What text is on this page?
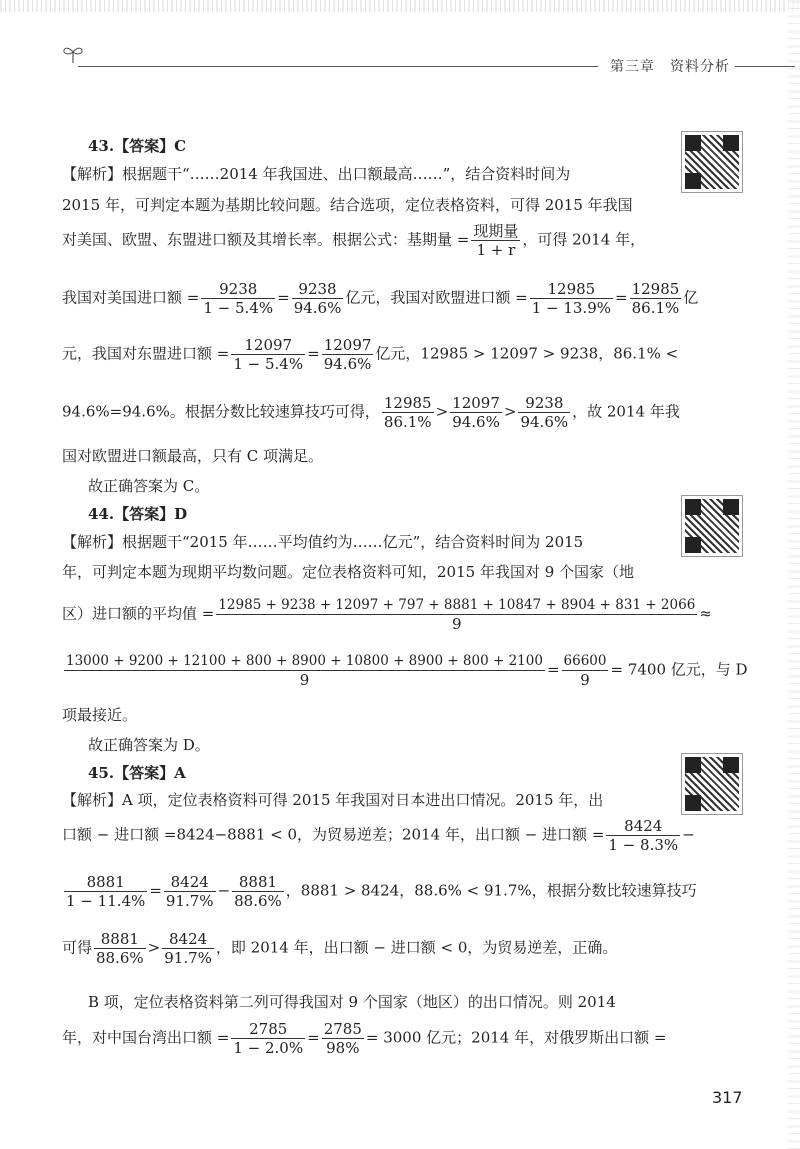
第三章　资料分析
43.【答案】C
【解析】根据题干“……2014 年我国进、出口额最高……”，结合资料时间为
2015 年，可判定本题为基期比较问题。结合选项，定位表格资料，可得 2015 年我国
对美国、欧盟、东盟进口额及其增长率。根据公式：基期量 = $\frac{\text{现期量}}{1 + r}$ ，可得 2014 年，
我国对美国进口额 = $\frac{9238}{1 - 5.4\%} = \frac{9238}{94.6\%}$ 亿元，我国对欧盟进口额 = $\frac{12985}{1 - 13.9\%} = \frac{12985}{86.1\%}$ 亿
元，我国对东盟进口额 = $\frac{12097}{1 - 5.4\%} = \frac{12097}{94.6\%}$ 亿元，12985 > 12097 > 9238，86.1% <
94.6%=94.6%。根据分数比较速算技巧可得， $\frac{12985}{86.1\%} > \frac{12097}{94.6\%} > \frac{9238}{94.6\%}$ ，故 2014 年我
国对欧盟进口额最高，只有 C 项满足。
故正确答案为 C。
44.【答案】D
【解析】根据题干“2015 年……平均值约为……亿元”，结合资料时间为 2015
年，可判定本题为现期平均数问题。定位表格资料可知，2015 年我国对 9 个国家（地
区）进口额的平均值 = 12985 + 9238 + 12097 + 797 + 8881 + 10847 + 8904 + 831 + 2066
9
≈
13000 + 9200 + 12100 + 800 + 8900 + 10800 + 8900 + 800 + 2100
9
= $\frac{66600}{9} = 7400$ 亿元，与 D
项最接近。
故正确答案为 D。
45.【答案】A
【解析】A 项，定位表格资料可得 2015 年我国对日本进出口情况。2015 年，出
口额 − 进口额 =8424−8881 < 0，为贸易逆差；2014 年，出口额 − 进口额 = $\frac{8424}{1 - 8.3\%}$ −
$\frac{8881}{1 - 11.4\%} = \frac{8424}{91.7\%} - \frac{8881}{88.6\%}$ ，8881 > 8424，88.6% < 91.7%，根据分数比较速算技巧
可得 $\frac{8881}{88.6\%} > \frac{8424}{91.7\%}$ ，即 2014 年，出口额 − 进口额 < 0，为贸易逆差，正确。
B 项，定位表格资料第二列可得我国对 9 个国家（地区）的出口情况。则 2014
年，对中国台湾出口额 = $\frac{2785}{1 - 2.0\%} = \frac{2785}{98\%} = 3000$ 亿元；2014 年，对俄罗斯出口额 =
317
